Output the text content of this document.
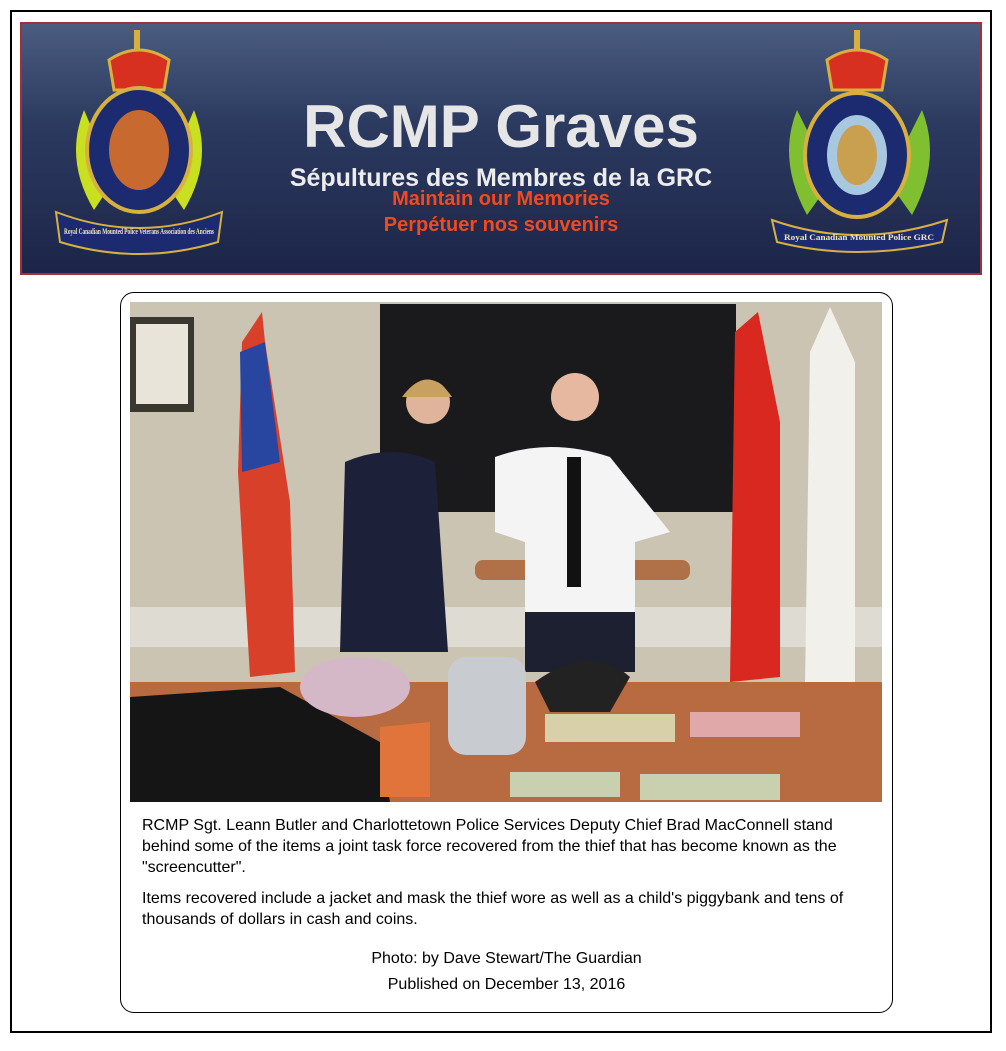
Royal Canadian Mounted Police Veterans Association des Anciens
RCMP Graves
Sépultures des Membres de la GRC
Maintain our Memories
Perpétuer nos souvenirs
Royal Canadian Mounted Police GRC
RCMP Sgt. Leann Butler and Charlottetown Police Services Deputy Chief Brad MacConnell stand behind some of the items a joint task force recovered from the thief that has become known as the "screencutter".
Items recovered include a jacket and mask the thief wore as well as a child's piggybank and tens of thousands of dollars in cash and coins.
Photo: by Dave Stewart/The Guardian
Published on December 13, 2016
